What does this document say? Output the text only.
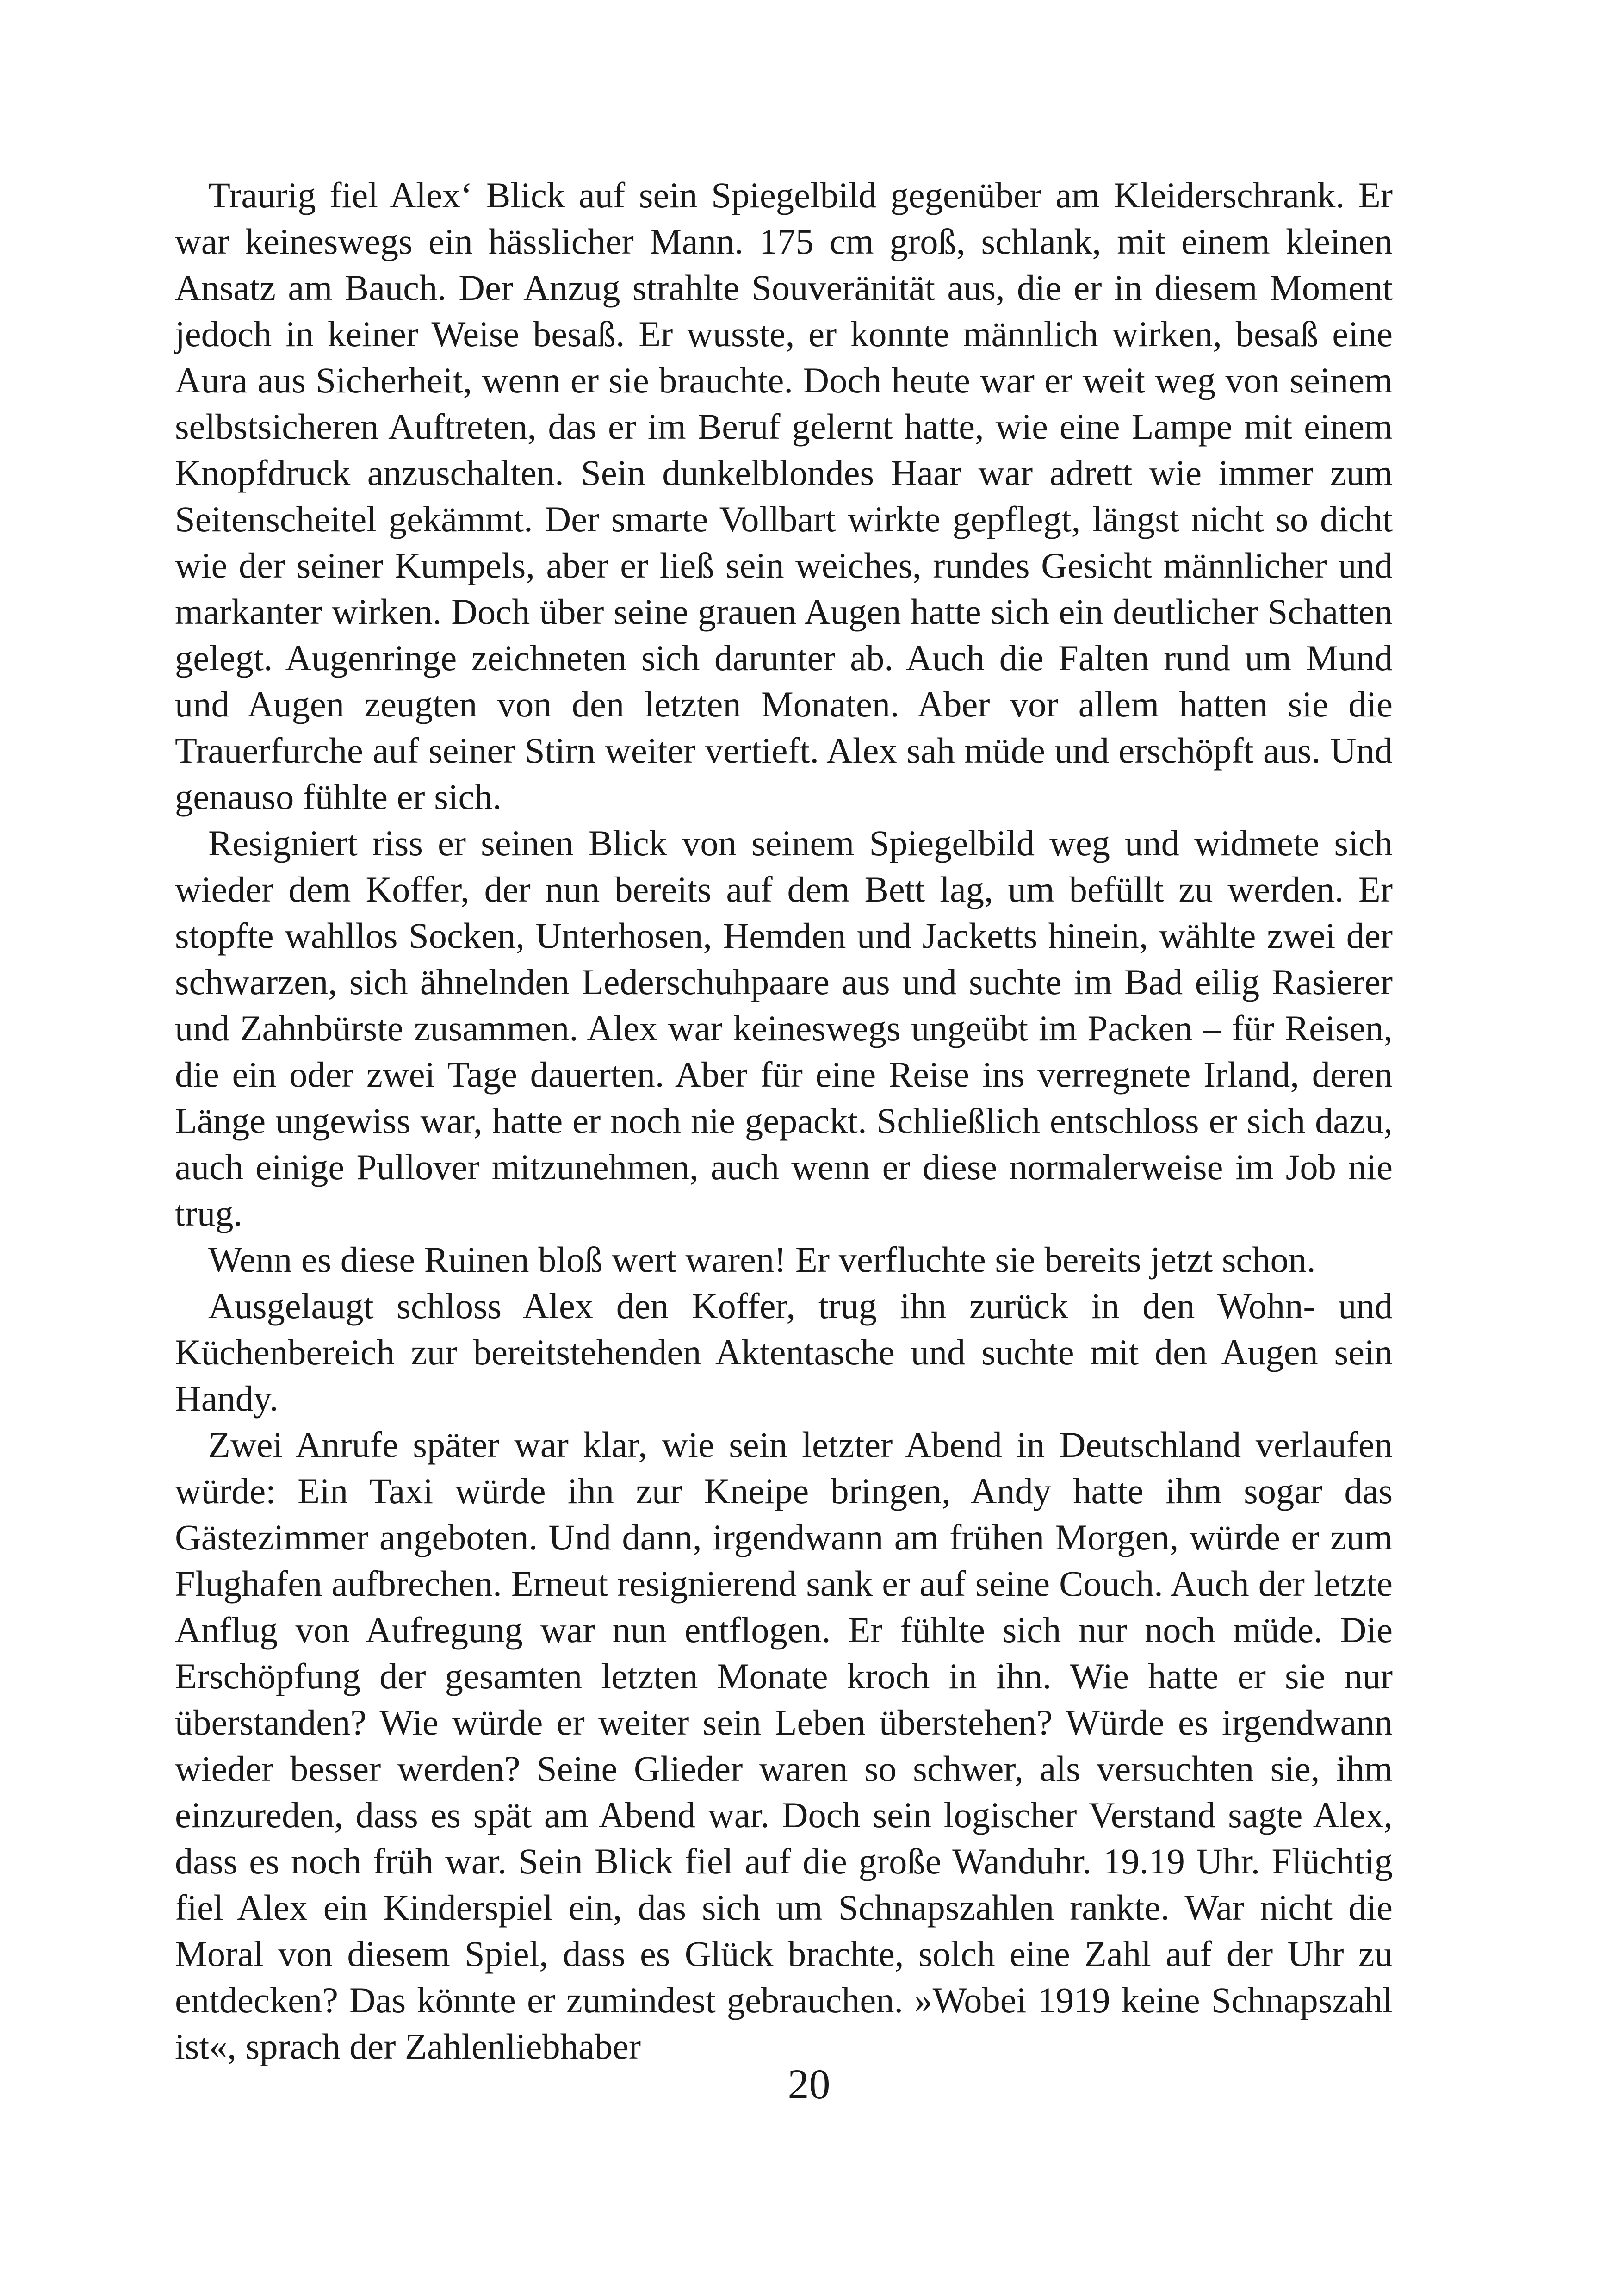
Traurig fiel Alex‘ Blick auf sein Spiegelbild gegenüber am Kleiderschrank. Er war keineswegs ein hässlicher Mann. 175 cm groß, schlank, mit einem kleinen Ansatz am Bauch. Der Anzug strahlte Souveränität aus, die er in diesem Moment jedoch in keiner Weise besaß. Er wusste, er konnte männlich wirken, besaß eine Aura aus Sicherheit, wenn er sie brauchte. Doch heute war er weit weg von seinem selbstsicheren Auftreten, das er im Beruf gelernt hatte, wie eine Lampe mit einem Knopfdruck anzuschalten. Sein dunkelblondes Haar war adrett wie immer zum Seitenscheitel gekämmt. Der smarte Vollbart wirkte gepflegt, längst nicht so dicht wie der seiner Kumpels, aber er ließ sein weiches, rundes Gesicht männlicher und markanter wirken. Doch über seine grauen Augen hatte sich ein deutlicher Schatten gelegt. Augenringe zeichneten sich darunter ab. Auch die Falten rund um Mund und Augen zeugten von den letzten Monaten. Aber vor allem hatten sie die Trauerfurche auf seiner Stirn weiter vertieft. Alex sah müde und erschöpft aus. Und genauso fühlte er sich.

Resigniert riss er seinen Blick von seinem Spiegelbild weg und widmete sich wieder dem Koffer, der nun bereits auf dem Bett lag, um befüllt zu werden. Er stopfte wahllos Socken, Unterhosen, Hemden und Jacketts hinein, wählte zwei der schwarzen, sich ähnelnden Lederschuhpaare aus und suchte im Bad eilig Rasierer und Zahnbürste zusammen. Alex war keineswegs ungeübt im Packen – für Reisen, die ein oder zwei Tage dauerten. Aber für eine Reise ins verregnete Irland, deren Länge ungewiss war, hatte er noch nie gepackt. Schließlich entschloss er sich dazu, auch einige Pullover mitzunehmen, auch wenn er diese normalerweise im Job nie trug.

Wenn es diese Ruinen bloß wert waren! Er verfluchte sie bereits jetzt schon.

Ausgelaugt schloss Alex den Koffer, trug ihn zurück in den Wohn- und Küchenbereich zur bereitstehenden Aktentasche und suchte mit den Augen sein Handy.

Zwei Anrufe später war klar, wie sein letzter Abend in Deutschland verlaufen würde: Ein Taxi würde ihn zur Kneipe bringen, Andy hatte ihm sogar das Gästezimmer angeboten. Und dann, irgendwann am frühen Morgen, würde er zum Flughafen aufbrechen. Erneut resignierend sank er auf seine Couch. Auch der letzte Anflug von Aufregung war nun entflogen. Er fühlte sich nur noch müde. Die Erschöpfung der gesamten letzten Monate kroch in ihn. Wie hatte er sie nur überstanden? Wie würde er weiter sein Leben überstehen? Würde es irgendwann wieder besser werden? Seine Glieder waren so schwer, als versuchten sie, ihm einzureden, dass es spät am Abend war. Doch sein logischer Verstand sagte Alex, dass es noch früh war. Sein Blick fiel auf die große Wanduhr. 19.19 Uhr. Flüchtig fiel Alex ein Kinderspiel ein, das sich um Schnapszahlen rankte. War nicht die Moral von diesem Spiel, dass es Glück brachte, solch eine Zahl auf der Uhr zu entdecken? Das könnte er zumindest gebrauchen. »Wobei 1919 keine Schnapszahl ist«, sprach der Zahlenliebhaber

20
